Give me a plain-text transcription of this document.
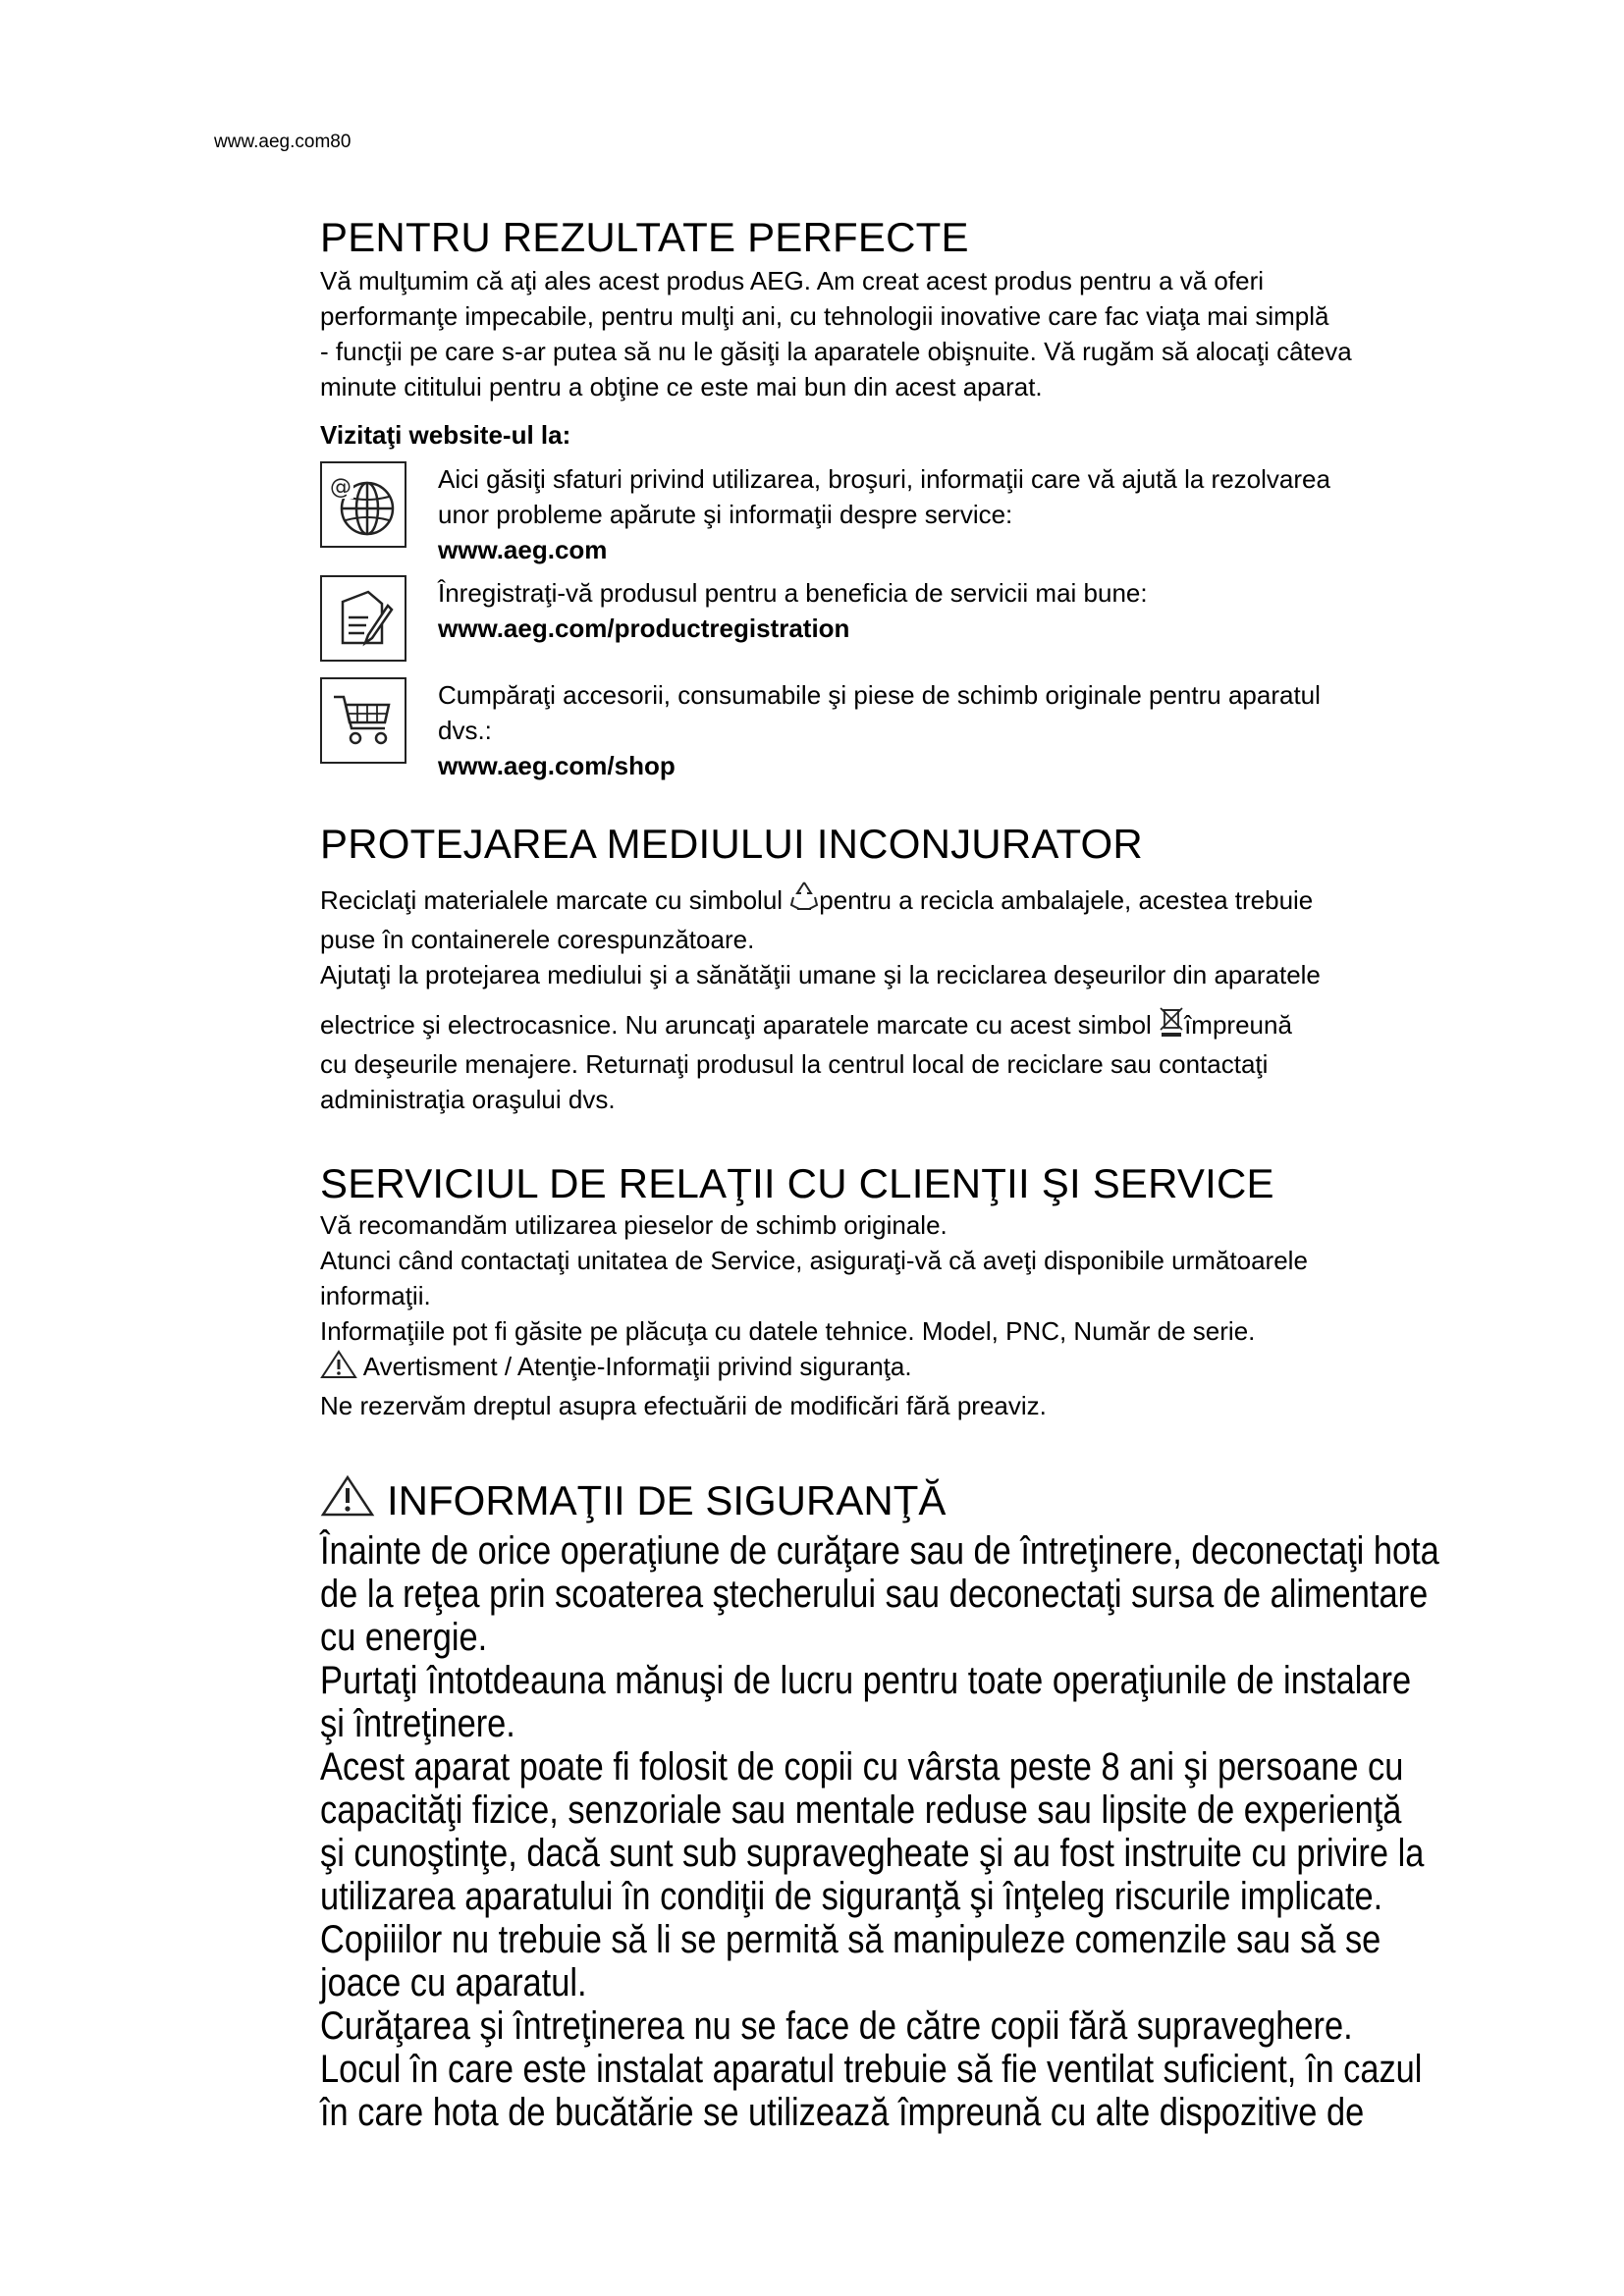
www.aeg.com80
PENTRU REZULTATE PERFECTE

Vă mulţumim că aţi ales acest produs AEG. Am creat acest produs pentru a vă oferi

performanţe impecabile, pentru mulţi ani, cu tehnologii inovative care fac viaţa mai simplă

- funcţii pe care s-ar putea să nu le găsiţi la aparatele obişnuite. Vă rugăm să alocaţi câteva

minute cititului pentru a obţine ce este mai bun din acest aparat.

Vizitaţi website-ul la:
@	Aici găsiţi sfaturi privind utilizarea, broşuri, informaţii care vă ajută la rezolvarea
unor probleme apărute şi informaţii despre service:
www.aeg.com
Înregistraţi-vă produsul pentru a beneficia de servicii mai bune:
www.aeg.com/productregistration
Cumpăraţi accesorii, consumabile şi piese de schimb originale pentru aparatul
dvs.:
www.aeg.com/shop
PROTEJAREA MEDIULUI INCONJURATOR

Reciclaţi materialele marcate cu simbolul pentru a recicla ambalajele, acestea trebuie

puse în containerele corespunzătoare.

Ajutaţi la protejarea mediului şi a sănătăţii umane şi la reciclarea deşeurilor din aparatele

electrice şi electrocasnice. Nu aruncaţi aparatele marcate cu acest simbol împreună

cu deşeurile menajere. Returnaţi produsul la centrul local de reciclare sau contactaţi

administraţia oraşului dvs.

SERVICIUL DE RELAŢII CU CLIENŢII ŞI SERVICE

Vă recomandăm utilizarea pieselor de schimb originale.

Atunci când contactaţi unitatea de Service, asiguraţi-vă că aveţi disponibile următoarele

informaţii.

Informaţiile pot fi găsite pe plăcuţa cu datele tehnice. Model, PNC, Număr de serie.

Avertisment / Atenţie-Informaţii privind siguranţa.

Ne rezervăm dreptul asupra efectuării de modificări fără preaviz.

INFORMAŢII DE SIGURANŢĂ
Înainte de orice operaţiune de curăţare sau de întreţinere, deconectaţi hota
de la reţea prin scoaterea ştecherului sau deconectaţi sursa de alimentare
cu energie.
Purtaţi întotdeauna mănuşi de lucru pentru toate operaţiunile de instalare
şi întreţinere.
Acest aparat poate fi folosit de copii cu vârsta peste 8 ani şi persoane cu
capacităţi fizice, senzoriale sau mentale reduse sau lipsite de experienţă
şi cunoştinţe, dacă sunt sub supravegheate şi au fost instruite cu privire la
utilizarea aparatului în condiţii de siguranţă şi înţeleg riscurile implicate.
Copiiilor nu trebuie să li se permită să manipuleze comenzile sau să se
joace cu aparatul.
Curăţarea şi întreţinerea nu se face de către copii fără supraveghere.
Locul în care este instalat aparatul trebuie să fie ventilat suficient, în cazul
în care hota de bucătărie se utilizează împreună cu alte dispozitive de
